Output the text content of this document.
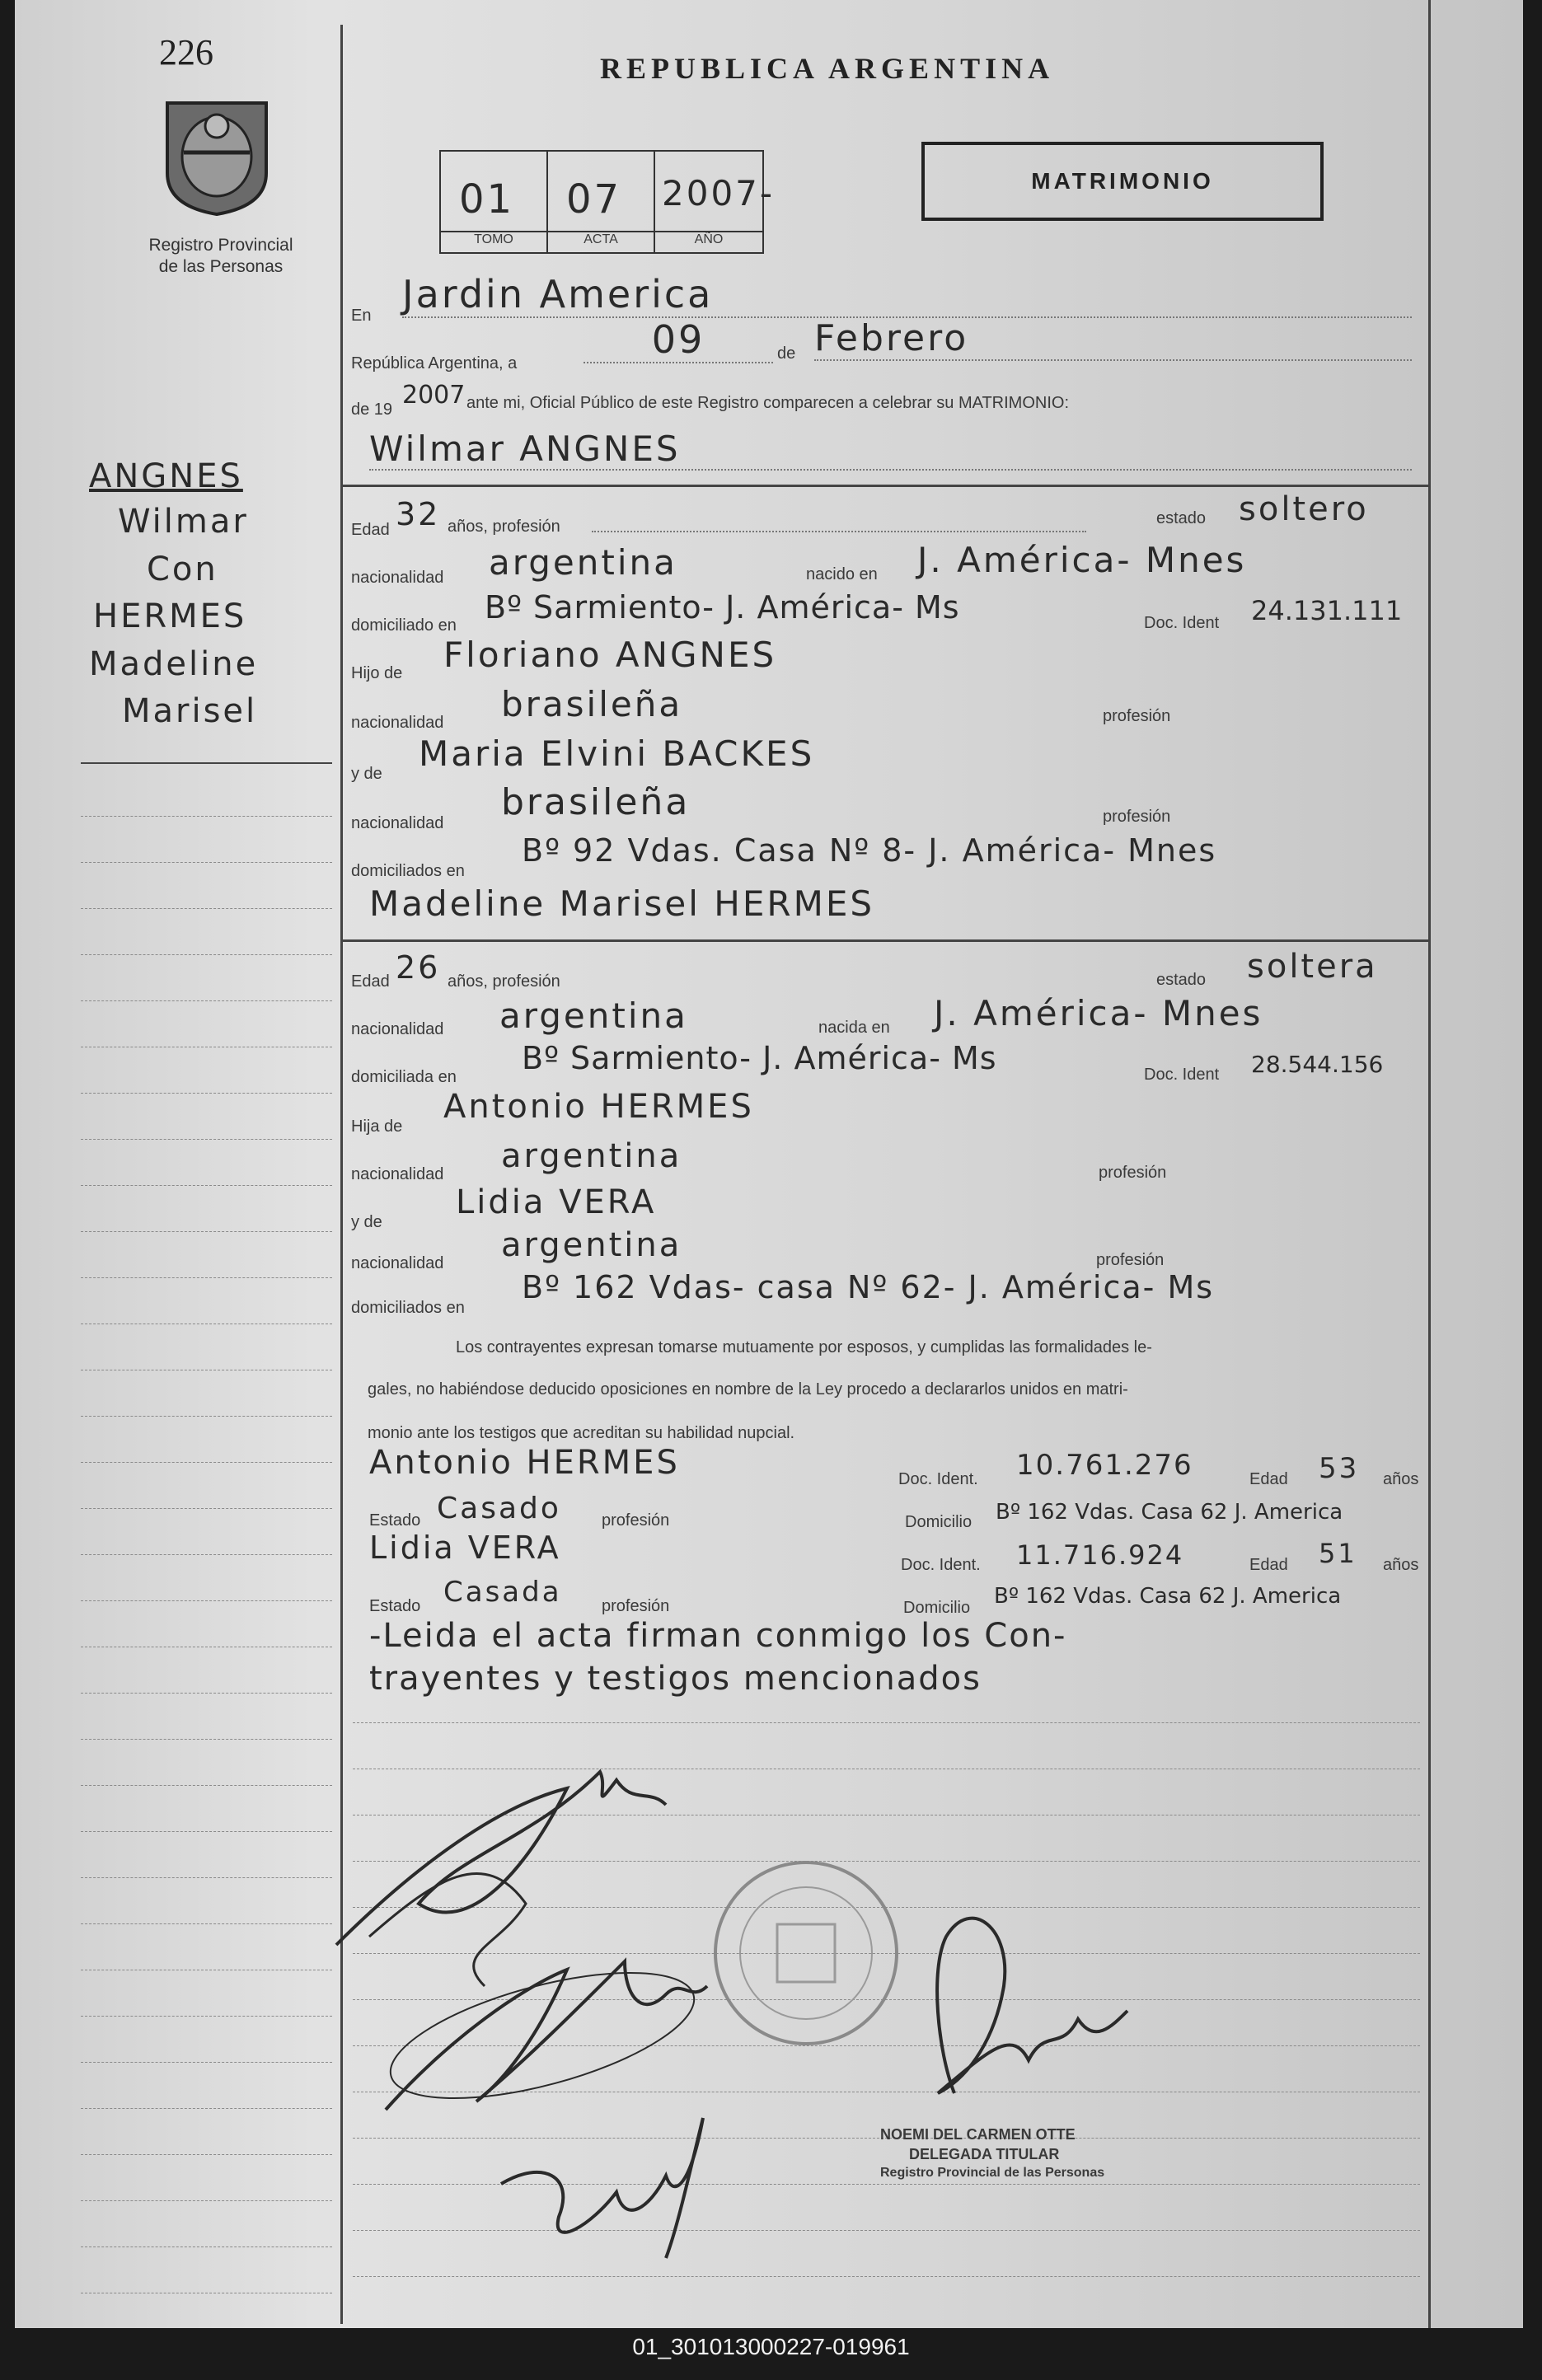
226
Registro Provincial
de las Personas
REPUBLICA ARGENTINA
MATRIMONIO
01
TOMO
07
ACTA
2007-
AÑO
ANGNES
Wilmar
Con
HERMES
Madeline
Marisel
En Jardin America
República Argentina, a
09	de Febrero
de 19 2007 ante mi, Oficial Público de este Registro comparecen a celebrar su MATRIMONIO:
Wilmar ANGNES
Edad 32 años, profesión	estado soltero
nacionalidad argentina	nacido en J. América- Mnes
domiciliado en Bº Sarmiento- J. América- Ms	Doc. Ident 24.131.111
Hijo de Floriano ANGNES
nacionalidad brasileña	profesión
y de Maria Elvini BACKES
nacionalidad brasileña	profesión
domiciliados en
Bº 92 Vdas. Casa Nº 8- J. América- Mnes
Madeline Marisel HERMES
Edad 26 años, profesión	estado soltera
nacionalidad argentina	nacida en J. América- Mnes
domiciliada en
Bº Sarmiento- J. América- Ms	Doc. Ident 28.544.156
Hija de
Antonio HERMES
nacionalidad argentina	profesión
y de
Lidia VERA
nacionalidad argentina	profesión
domiciliados en
Bº 162 Vdas- casa Nº 62- J. América- Ms
Los contrayentes expresan tomarse mutuamente por esposos, y cumplidas las formalidades le-
gales, no habiéndose deducido oposiciones en nombre de la Ley procedo a declararlos unidos en matri-
monio ante los testigos que acreditan su habilidad nupcial.
Antonio HERMES	Doc. Ident. 10.761.276	Edad 53 años
Estado Casado profesión	Domicilio Bº 162 Vdas. Casa 62 J. America
Lidia VERA	Doc. Ident. 11.716.924	Edad 51 años
Estado Casada profesión	Domicilio Bº 162 Vdas. Casa 62 J. America
-Leida el acta firman conmigo los Con-
trayentes y testigos mencionados
NOEMI DEL CARMEN OTTE
DELEGADA TITULAR
Registro Provincial de las Personas
01_301013000227-019961
